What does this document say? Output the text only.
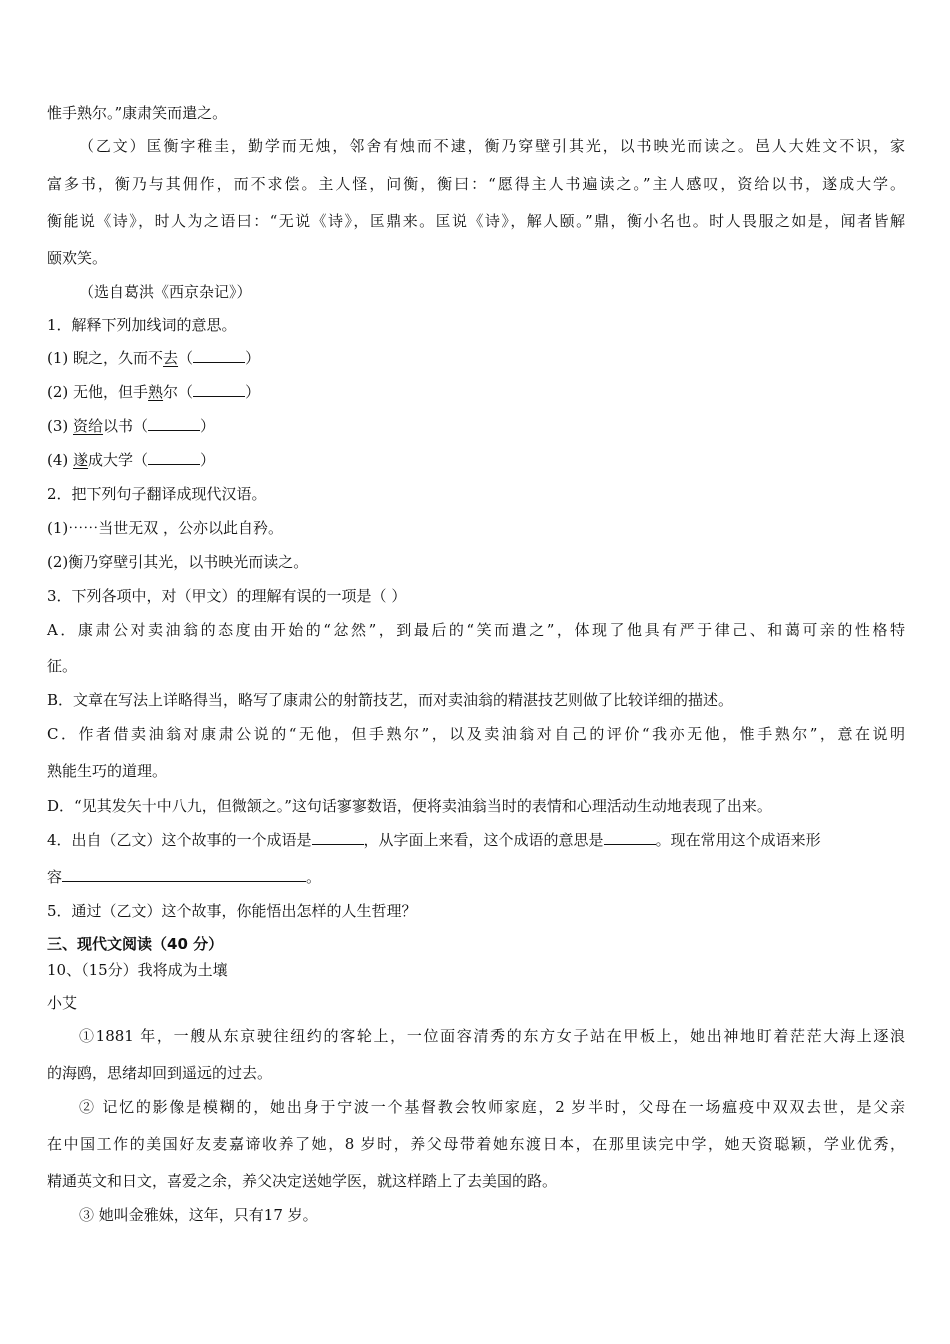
惟手熟尔。”康肃笑而遣之。
（乙文）匡衡字稚圭，勤学而无烛，邻舍有烛而不逮，衡乃穿壁引其光，以书映光而读之。邑人大姓文不识，家
富多书，衡乃与其佣作，而不求偿。主人怪，问衡，衡曰：“愿得主人书遍读之。”主人感叹，资给以书，遂成大学。
衡能说《诗》，时人为之语曰：“无说《诗》，匡鼎来。匡说《诗》，解人颐。”鼎，衡小名也。时人畏服之如是，闻者皆解
颐欢笑。
（选自葛洪《西京杂记》）
1．解释下列加线词的意思。
(1) 睨之，久而不去（	）
(2) 无他，但手熟尔（	）
(3) 资给以书（	）
(4) 遂成大学（	）
2．把下列句子翻译成现代汉语。
(1)⋯⋯当世无双 ，公亦以此自矜。
(2)衡乃穿壁引其光，以书映光而读之。
3．下列各项中，对（甲文）的理解有误的一项是（ ）
A．康肃公对卖油翁的态度由开始的“忿然”，到最后的“笑而遣之”，体现了他具有严于律己、和蔼可亲的性格特
征。
B．文章在写法上详略得当，略写了康肃公的射箭技艺，而对卖油翁的精湛技艺则做了比较详细的描述。
C．作者借卖油翁对康肃公说的“无他，但手熟尔”，以及卖油翁对自己的评价“我亦无他，惟手熟尔”，意在说明
熟能生巧的道理。
D．“见其发矢十中八九，但微颔之。”这句话寥寥数语，便将卖油翁当时的表情和心理活动生动地表现了出来。
4．出自（乙文）这个故事的一个成语是	，从字面上来看，这个成语的意思是	。现在常用这个成语来形
容	。
5．通过（乙文）这个故事，你能悟出怎样的人生哲理？
三、现代文阅读（40 分）
10、（15分）我将成为土壤
小艾
①1881 年，一艘从东京驶往纽约的客轮上，一位面容清秀的东方女子站在甲板上，她出神地盯着茫茫大海上逐浪
的海鸥，思绪却回到遥远的过去。
② 记忆的影像是模糊的，她出身于宁波一个基督教会牧师家庭，2 岁半时，父母在一场瘟疫中双双去世，是父亲
在中国工作的美国好友麦嘉谛收养了她，8 岁时，养父母带着她东渡日本，在那里读完中学，她天资聪颖，学业优秀，
精通英文和日文，喜爱之余，养父决定送她学医，就这样踏上了去美国的路。
③ 她叫金雅妹，这年，只有17 岁。
